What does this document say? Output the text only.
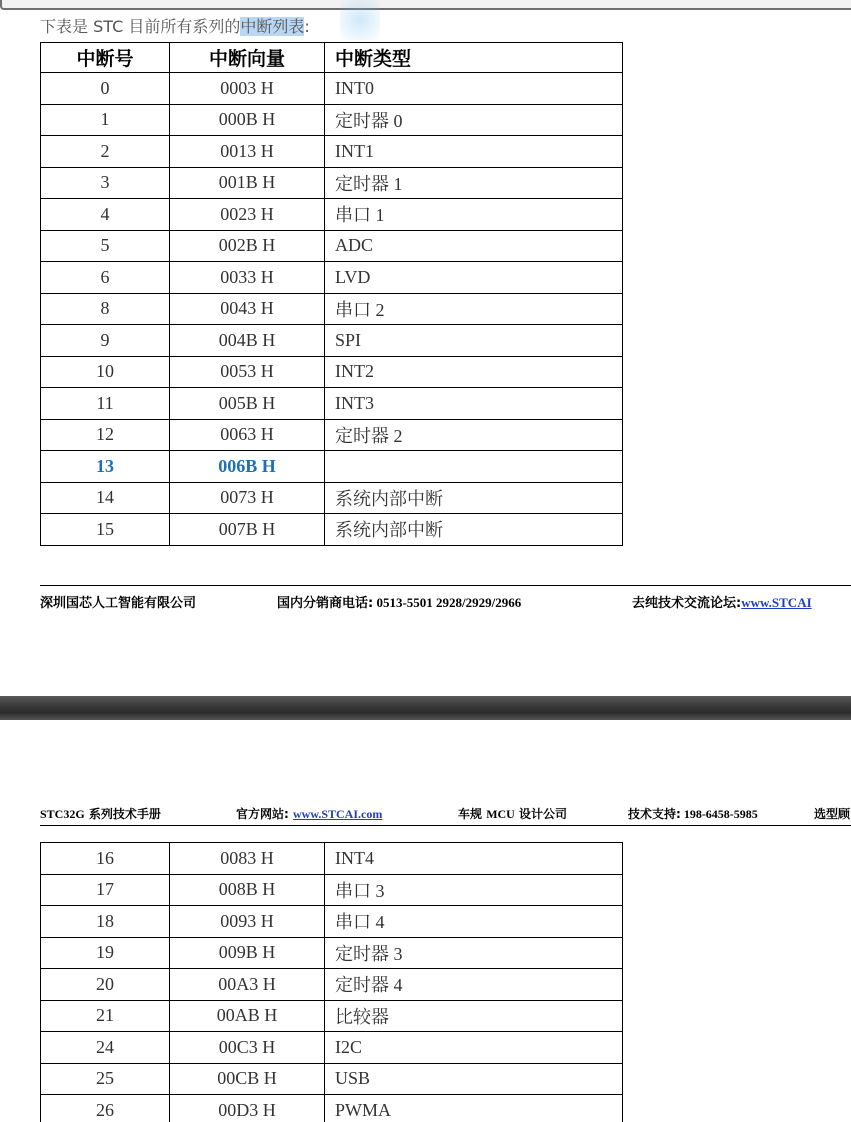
下表是 STC 目前所有系列的中断列表:
中断号	中断向量	中断类型
0	0003 H	INT0
1	000B H	定时器 0
2	0013 H	INT1
3	001B H	定时器 1
4	0023 H	串口 1
5	002B H	ADC
6	0033 H	LVD
8	0043 H	串口 2
9	004B H	SPI
10	0053 H	INT2
11	005B H	INT3
12	0063 H	定时器 2
13	006B H	
14	0073 H	系统内部中断
15	007B H	系统内部中断
深圳国芯人工智能有限公司	国内分销商电话: 0513-5501 2928/2929/2966	去纯技术交流论坛:www.STCAI
STC32G 系列技术手册	官方网站: www.STCAI.com	车规 MCU 设计公司	技术支持: 198-6458-5985	选型顾
16	0083 H	INT4
17	008B H	串口 3
18	0093 H	串口 4
19	009B H	定时器 3
20	00A3 H	定时器 4
21	00AB H	比较器
24	00C3 H	I2C
25	00CB H	USB
26	00D3 H	PWMA
